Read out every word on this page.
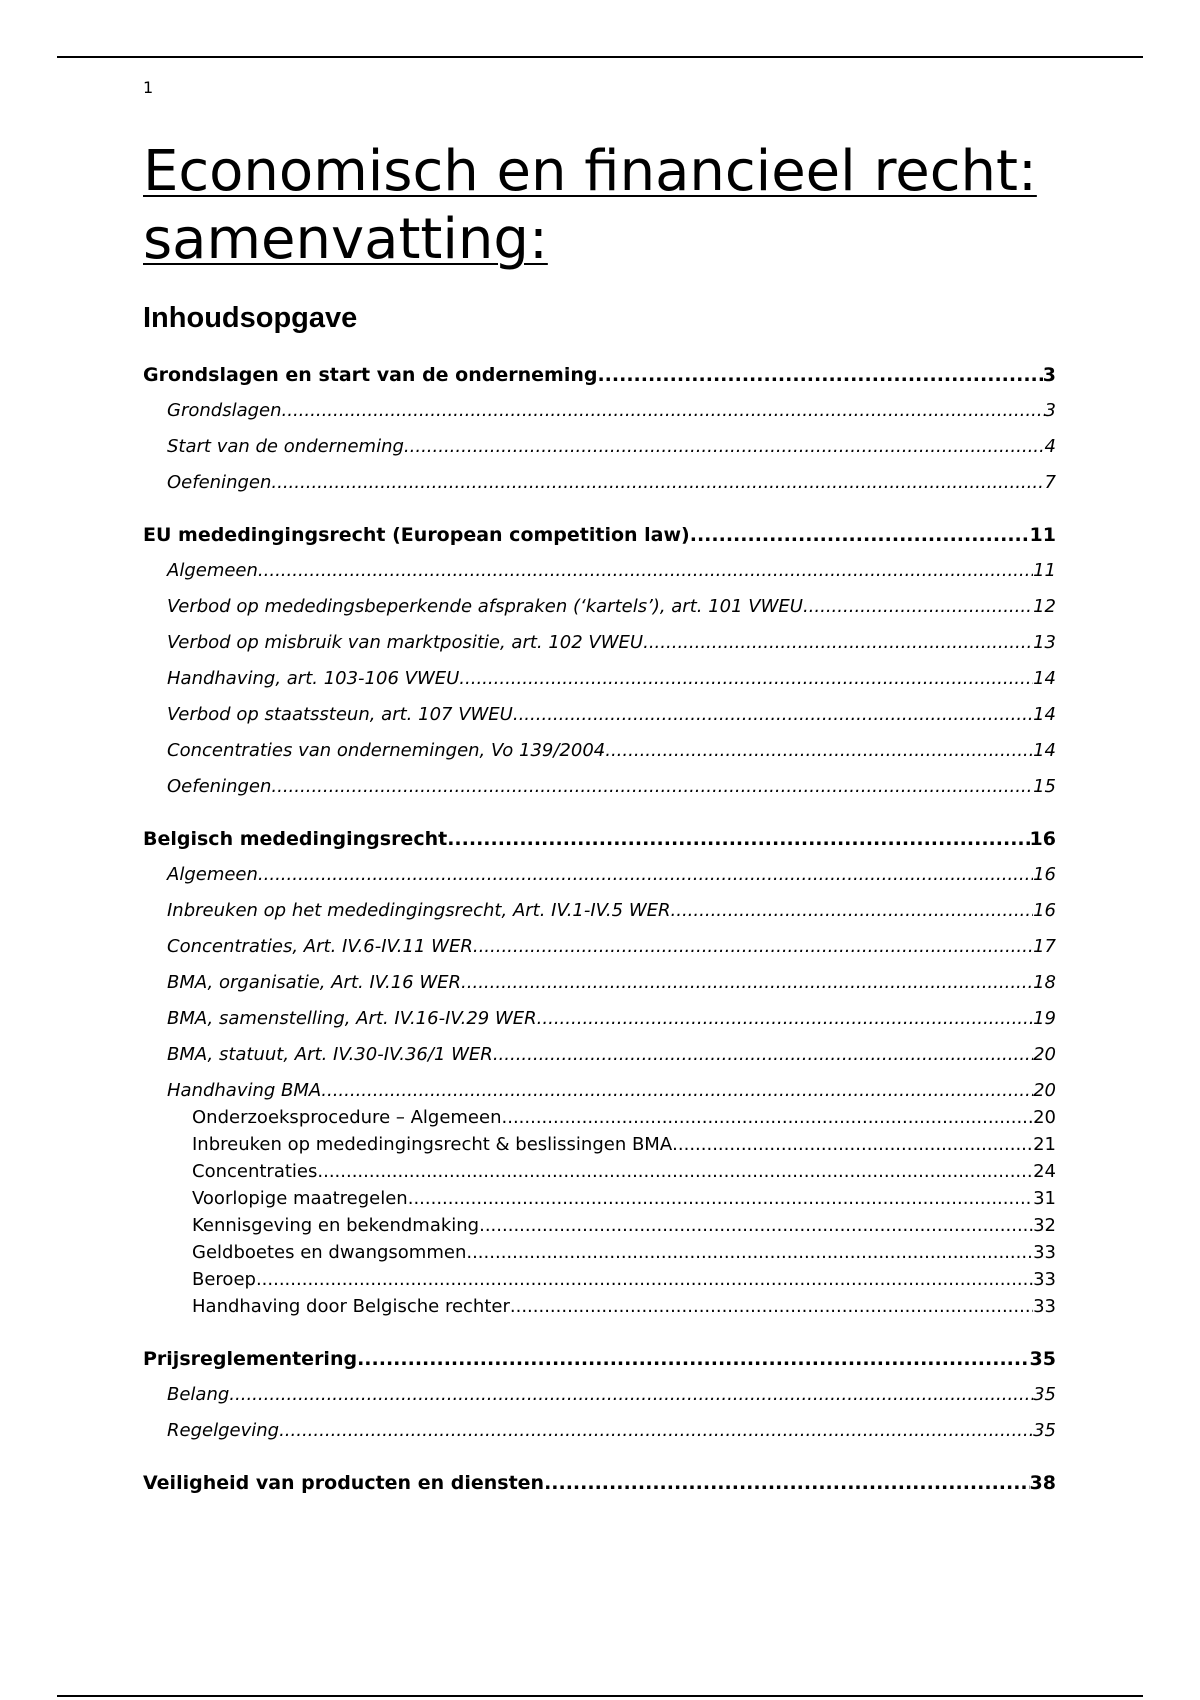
1
Economisch en financieel recht:
samenvatting:
Inhoudsopgave
Grondslagen en start van de onderneming .....	3
Grondslagen .....	3
Start van de onderneming .....	4
Oefeningen .....	7
EU mededingingsrecht (European competition law) .....	11
Algemeen .....	11
Verbod op mededingsbeperkende afspraken (‘kartels’), art. 101 VWEU .....	12
Verbod op misbruik van marktpositie, art. 102 VWEU .....	13
Handhaving, art. 103-106 VWEU .....	14
Verbod op staatssteun, art. 107 VWEU .....	14
Concentraties van ondernemingen, Vo 139/2004 .....	14
Oefeningen .....	15
Belgisch mededingingsrecht .....	16
Algemeen .....	16
Inbreuken op het mededingingsrecht, Art. IV.1-IV.5 WER .....	16
Concentraties, Art. IV.6-IV.11 WER .....	17
BMA, organisatie, Art. IV.16 WER .....	18
BMA, samenstelling, Art. IV.16-IV.29 WER .....	19
BMA, statuut, Art. IV.30-IV.36/1 WER .....	20
Handhaving BMA .....	20
Onderzoeksprocedure – Algemeen .....	20
Inbreuken op mededingingsrecht & beslissingen BMA .....	21
Concentraties .....	24
Voorlopige maatregelen .....	31
Kennisgeving en bekendmaking .....	32
Geldboetes en dwangsommen .....	33
Beroep .....	33
Handhaving door Belgische rechter .....	33
Prijsreglementering .....	35
Belang .....	35
Regelgeving .....	35
Veiligheid van producten en diensten .....	38
